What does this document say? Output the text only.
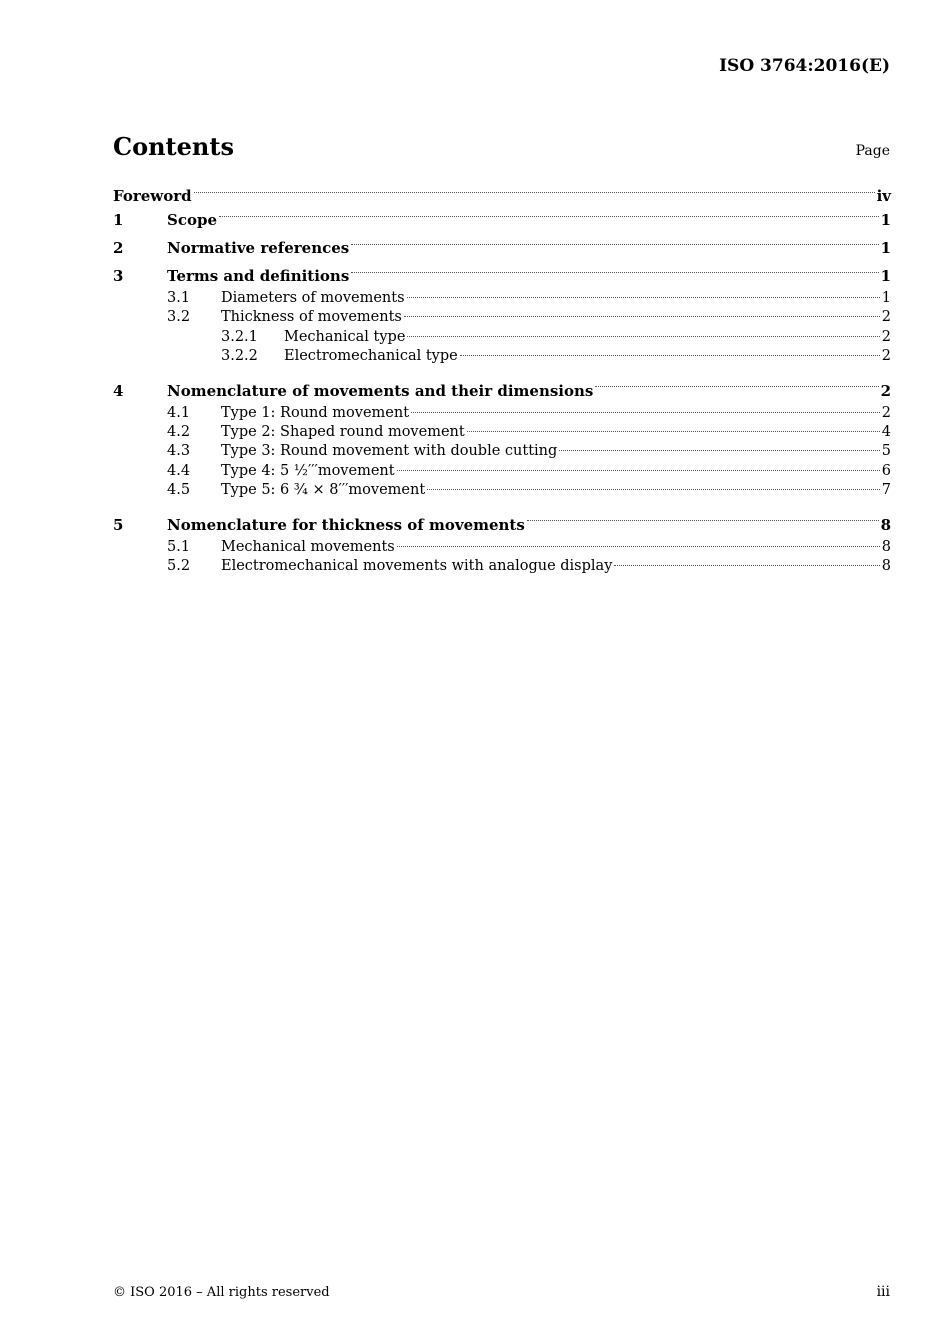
ISO 3764:2016(E)
Contents	Page
Foreword	iv
1	Scope	1
2	Normative references	1
3	Terms and definitions	1
3.1	Diameters of movements	1
3.2	Thickness of movements	2
3.2.1	Mechanical type	2
3.2.2	Electromechanical type	2
4	Nomenclature of movements and their dimensions	2
4.1	Type 1: Round movement	2
4.2	Type 2: Shaped round movement	4
4.3	Type 3: Round movement with double cutting	5
4.4	Type 4: 5 ½′′′movement	6
4.5	Type 5: 6 ¾ × 8′′′movement	7
5	Nomenclature for thickness of movements	8
5.1	Mechanical movements	8
5.2	Electromechanical movements with analogue display	8
© ISO 2016 – All rights reserved	iii
